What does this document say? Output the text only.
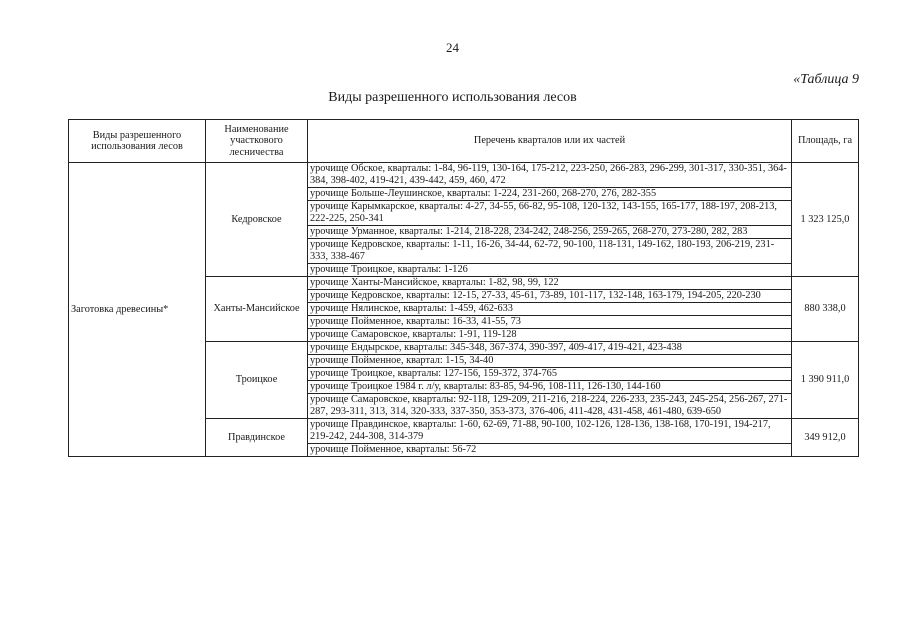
24
«Таблица 9
Виды разрешенного использования лесов
Виды разрешенного использования лесов	Наименование участкового лесничества	Перечень кварталов или их частей	Площадь, га
Заготовка древесины*	Кедровское	урочище Обское, кварталы: 1-84, 96-119, 130-164, 175-212, 223-250, 266-283, 296-299, 301-317, 330-351, 364-384, 398-402, 419-421, 439-442, 459, 460, 472	1 323 125,0
		урочище Больше-Леушинское, кварталы: 1-224, 231-260, 268-270, 276, 282-355	
		урочище Карымкарское, кварталы: 4-27, 34-55, 66-82, 95-108, 120-132, 143-155, 165-177, 188-197, 208-213, 222-225, 250-341	
		урочище Урманное, кварталы: 1-214, 218-228, 234-242, 248-256, 259-265, 268-270, 273-280, 282, 283	
		урочище Кедровское, кварталы: 1-11, 16-26, 34-44, 62-72, 90-100, 118-131, 149-162, 180-193, 206-219, 231-333, 338-467	
		урочище Троицкое, кварталы: 1-126	
	Ханты-Мансийское	урочище Ханты-Мансийское, кварталы: 1-82, 98, 99, 122	880 338,0
		урочище Кедровское, кварталы: 12-15, 27-33, 45-61, 73-89, 101-117, 132-148, 163-179, 194-205, 220-230	
		урочище Нялинское, кварталы: 1-459, 462-633	
		урочище Пойменное, кварталы: 16-33, 41-55, 73	
		урочище Самаровское, кварталы: 1-91, 119-128	
	Троицкое	урочище Ендырское, кварталы: 345-348, 367-374, 390-397, 409-417, 419-421, 423-438	1 390 911,0
		урочище Пойменное, квартал: 1-15, 34-40	
		урочище Троицкое, кварталы: 127-156, 159-372, 374-765	
		урочище Троицкое 1984 г. л/у, кварталы: 83-85, 94-96, 108-111, 126-130, 144-160	
		урочище Самаровское, кварталы: 92-118, 129-209, 211-216, 218-224, 226-233, 235-243, 245-254, 256-267, 271-287, 293-311, 313, 314, 320-333, 337-350, 353-373, 376-406, 411-428, 431-458, 461-480, 639-650	
	Правдинское	урочище Правдинское, кварталы: 1-60, 62-69, 71-88, 90-100, 102-126, 128-136, 138-168, 170-191, 194-217, 219-242, 244-308, 314-379	349 912,0
		урочище Пойменное, кварталы: 56-72	
